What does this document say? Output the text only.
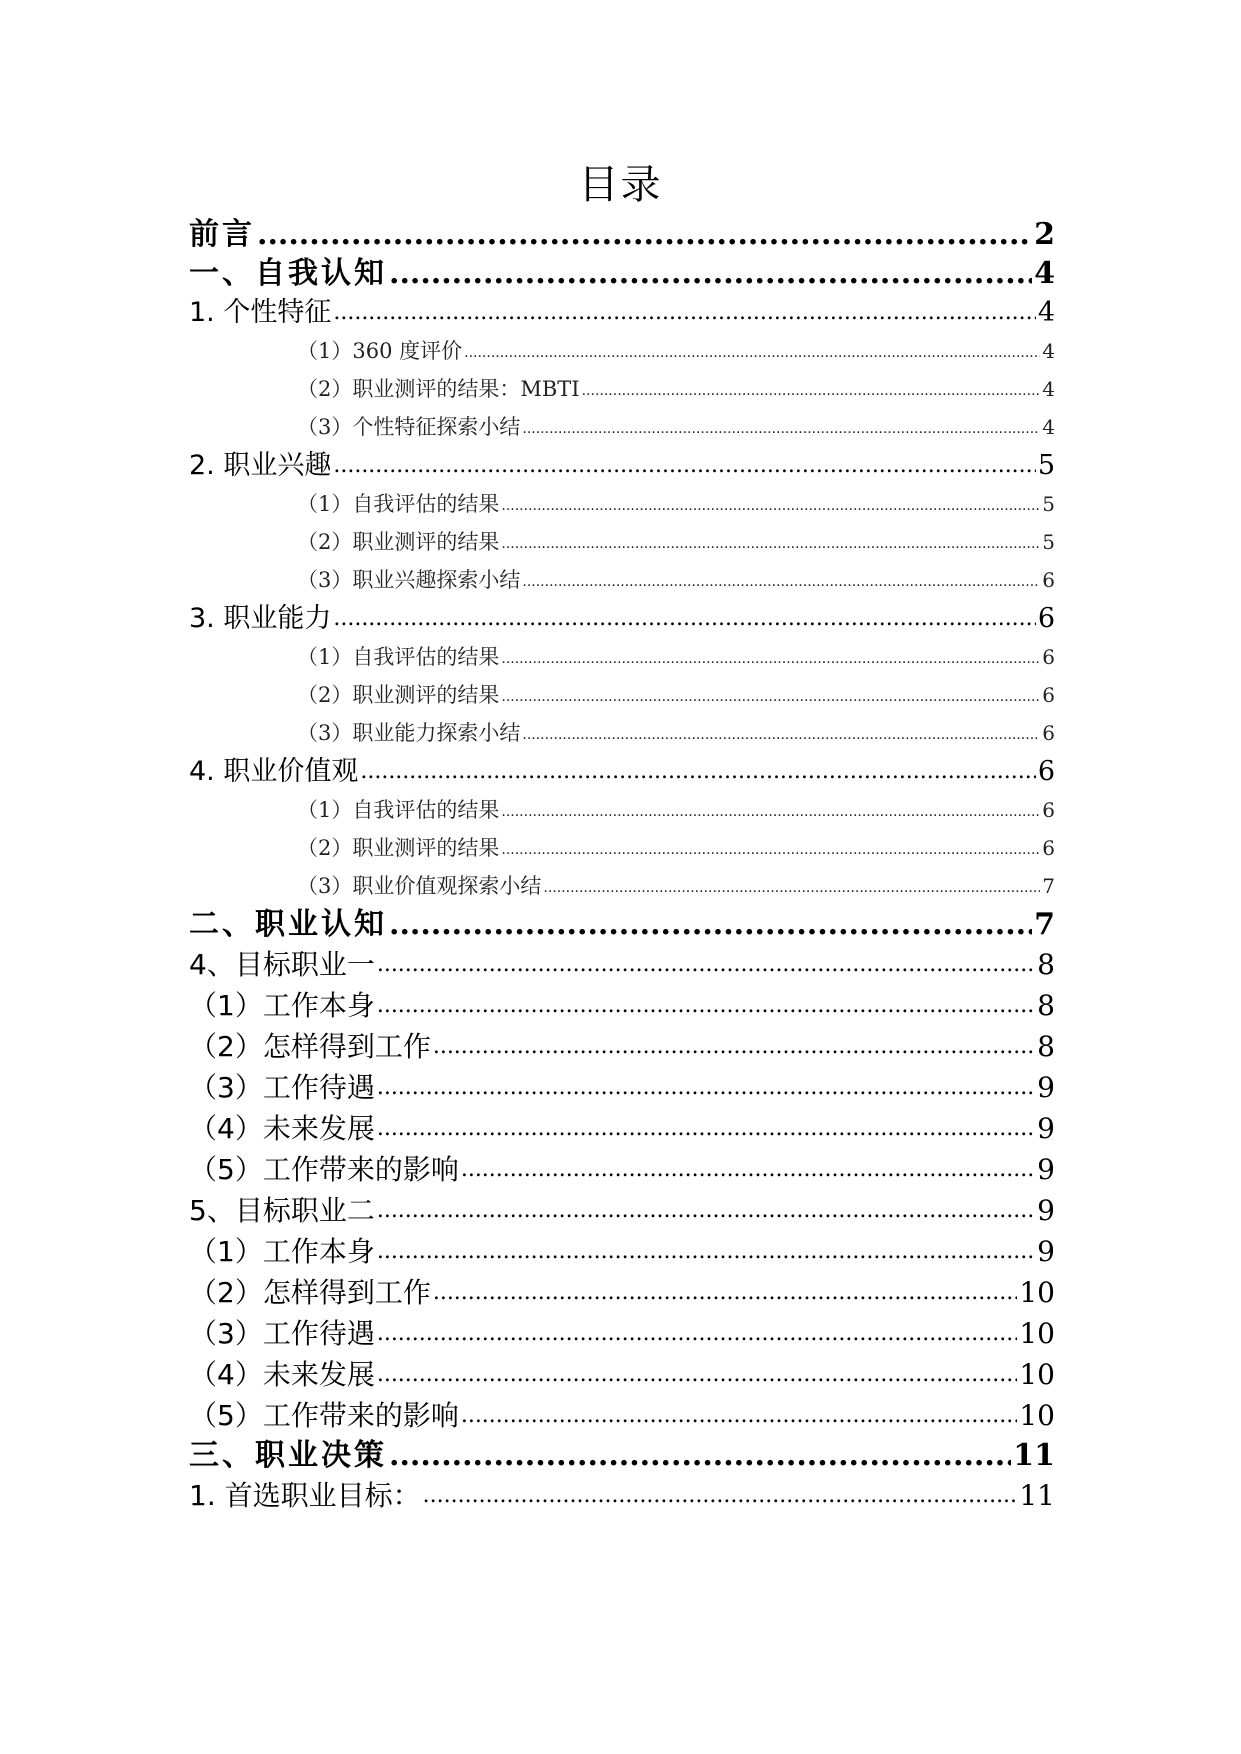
目录
前言 .....	2
一、自我认知 .....	4
1. 个性特征 .....	4
（1）360 度评价 .....	4
（2）职业测评的结果：MBTI .....	4
（3）个性特征探索小结 .....	4
2. 职业兴趣 .....	5
（1）自我评估的结果 .....	5
（2）职业测评的结果 .....	5
（3）职业兴趣探索小结 .....	6
3. 职业能力 .....	6
（1）自我评估的结果 .....	6
（2）职业测评的结果 .....	6
（3）职业能力探索小结 .....	6
4. 职业价值观 .....	6
（1）自我评估的结果 .....	6
（2）职业测评的结果 .....	6
（3）职业价值观探索小结 .....	7
二、职业认知 .....	7
4、目标职业一 .....	8
（1）工作本身 .....	8
（2）怎样得到工作 .....	8
（3）工作待遇 .....	9
（4）未来发展 .....	9
（5）工作带来的影响 .....	9
5、目标职业二 .....	9
（1）工作本身 .....	9
（2）怎样得到工作 .....	10
（3）工作待遇 .....	10
（4）未来发展 .....	10
（5）工作带来的影响 .....	10
三、职业决策 .....	11
1. 首选职业目标： .....	11
